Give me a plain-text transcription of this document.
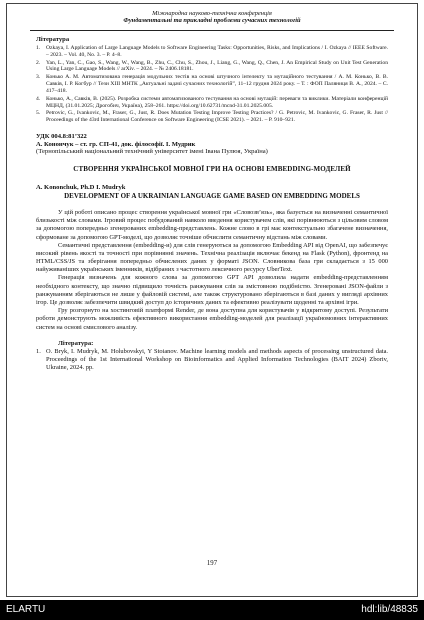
Міжнародна науково-технічна конференція
Фундаментальні та прикладні проблеми сучасних технологій
Література
1.	Ozkaya, I. Application of Large Language Models to Software Engineering Tasks: Opportunities, Risks, and Implications / I. Ozkaya // IEEE Software. – 2023. – Vol. 40, No. 3. – P. 4–8.
2.	Yan, L., Yan, C., Gao, S., Wang, W., Wang, B., Zhu, C., Chu, S., Zhou, J., Liang, G., Wang, Q., Chen, J. An Empirical Study on Unit Test Generation Using Large Language Models // arXiv. – 2024. – № 2406.18181.
3.	Конько А. М. Автоматизована генерація модульних тестів на основі штучного інтелекту та мутаційного тестування / А. М. Конько, В. В. Савків, І. Р. Когбур // Тези XIII МНТК „Актуальні задачі сучасних технологій”, 11–12 грудня 2024 року. – Т. : ФОП Паляниця В. А., 2024. – С. 417–418.
4.	Конько, А., Савків, В. (2025). Розробка системи автоматизованого тестування на основі мутацій: переваги та виклики. Матеріали конференцій МЦНД, (31.01.2025; Дрогобич, Україна), 258–261. https://doi.org/10.62731/mcnd-31.01.2025.005.
5.	Petrovic, G., Ivankovic, M., Fraser, G., Just, R. Does Mutation Testing Improve Testing Practices? / G. Petrovic, M. Ivankovic, G. Fraser, R. Just // Proceedings of the 43rd International Conference on Software Engineering (ICSE 2021). – 2021. – P. 910–921.
УДК 004.8:81’322
А. Конончук – ст. гр. СП-41, док. філософії. І. Мудрик
(Тернопільський національний технічний університет імені Івана Пулюя, Україна)
СТВОРЕННЯ УКРАЇНСЬКОЇ МОВНОЇ ГРИ НА ОСНОВІ EMBEDDING-МОДЕЛЕЙ
A. Kononchuk, Ph.D I. Mudryk
DEVELOPMENT OF A UKRAINIAN LANGUAGE GAME BASED ON EMBEDDING MODELS

У цій роботі описано процес створення української мовної гри «Словозв’язь», яка базується на визначенні семантичної близькості між словами. Ігровий процес побудований навколо введення користувачем слів, які порівнюються з цільовим словом за допомогою попередньо згенерованих embedding-представлень. Кожне слово в грі має контекстуально збагачене визначення, сформоване за допомогою GPT-моделі, що дозволяє точніше обчислити семантичну відстань між словами.

Семантичні представлення (embedding-и) для слів генеруються за допомогою Embedding API від OpenAI, що забезпечує високий рівень якості та точності при порівнянні значень. Технічна реалізація включає бекенд на Flask (Python), фронтенд на HTML/CSS/JS та зберігання попередньо обчислених даних у форматі JSON. Словникова база гри складається з 15 000 найуживаніших українських іменників, відібраних з частотного лексичного ресурсу UberText.

Генерація визначень для кожного слова за допомогою GPT API дозволила надати embedding-представленням необхідного контексту, що значно підвищило точність ранжування слів за змістовною подібністю. Згенеровані JSON-файли з ранжуванням зберігаються не лише у файловій системі, але також структуровано зберігаються в базі даних у вигляді архівних ігор. Це дозволяє забезпечити швидкий доступ до історичних даних та ефективно реалізувати щоденні та архівні ігри.

Гру розгорнуто на хостинговій платформі Render, де вона доступна для користувачів у відкритому доступі. Результати роботи демонструють можливість ефективного використання embedding-моделей для реалізації україномовних інтерактивних систем на основі смислового аналізу.

Література:
1. O. Bryk, I. Mudryk, M. Holubovskyi, Y Stoianov. Machine learning models and methods aspects of processing unstructured data. Proceedings of the 1st International Workshop on Bioinformatics and Applied Information Technologies (BAIT 2024) Zboriv, Ukraine, 2024. pp.
197
ELARTU	hdl:lib/48835
